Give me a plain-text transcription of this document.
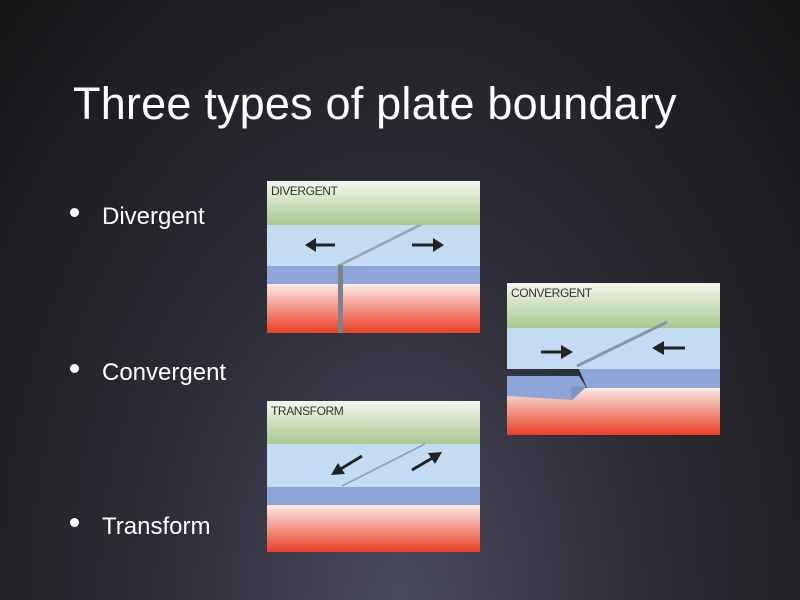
Three types of plate boundary
Divergent
Convergent
Transform
DIVERGENT
CONVERGENT
TRANSFORM
